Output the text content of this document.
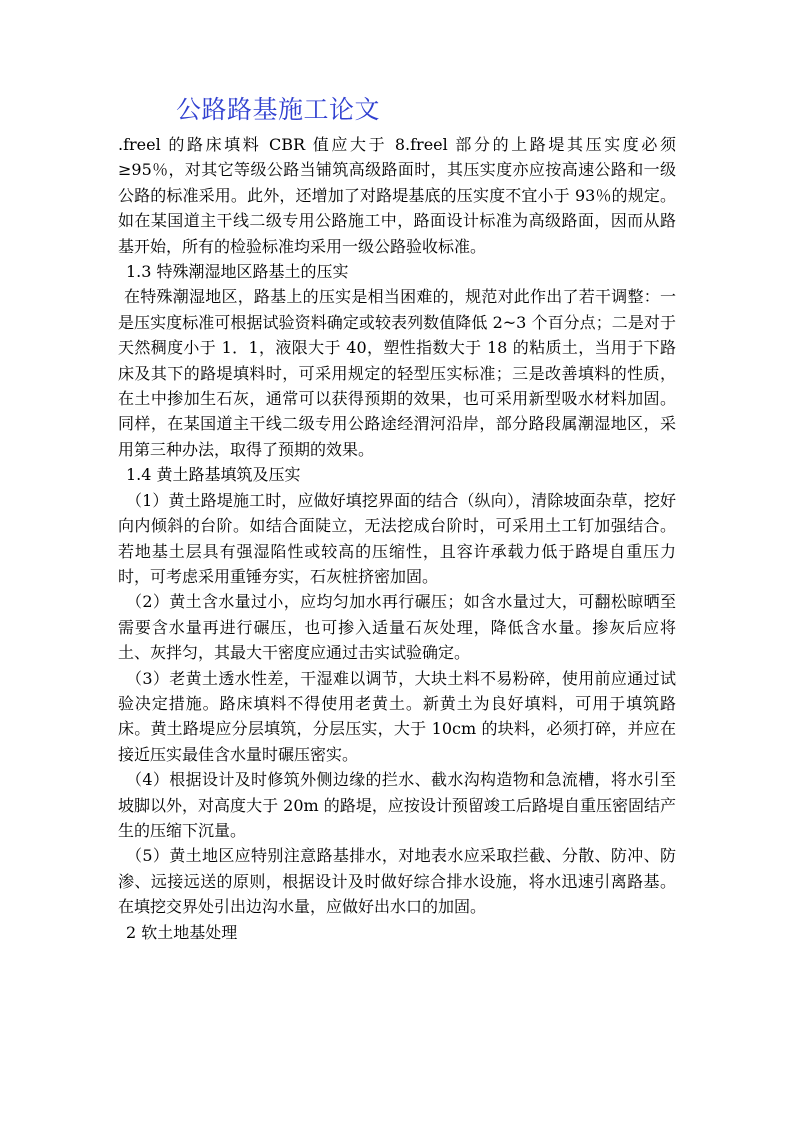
公路路基施工论文

.freel 的路床填料 CBR 值应大于 8.freel 部分的上路堤其压实度必须≥95％，对其它等级公路当铺筑高级路面时，其压实度亦应按高速公路和一级公路的标准采用。此外，还增加了对路堤基底的压实度不宜小于 93％的规定。如在某国道主干线二级专用公路施工中，路面设计标准为高级路面，因而从路基开始，所有的检验标准均采用一级公路验收标准。

1.3 特殊潮湿地区路基土的压实

在特殊潮湿地区，路基上的压实是相当困难的，规范对此作出了若干调整：一是压实度标准可根据试验资料确定或较表列数值降低 2~3 个百分点；二是对于天然稠度小于 1．1，液限大于 40，塑性指数大于 18 的粘质土，当用于下路床及其下的路堤填料时，可采用规定的轻型压实标准；三是改善填料的性质，在土中掺加生石灰，通常可以获得预期的效果，也可采用新型吸水材料加固。同样，在某国道主干线二级专用公路途经渭河沿岸，部分路段属潮湿地区，采用第三种办法，取得了预期的效果。

1.4 黄土路基填筑及压实

（1）黄土路堤施工时，应做好填挖界面的结合（纵向），清除坡面杂草，挖好向内倾斜的台阶。如结合面陡立，无法挖成台阶时，可采用土工钉加强结合。若地基土层具有强湿陷性或较高的压缩性，且容许承载力低于路堤自重压力时，可考虑采用重锤夯实，石灰桩挤密加固。

（2）黄土含水量过小，应均匀加水再行碾压；如含水量过大，可翻松晾晒至需要含水量再进行碾压，也可掺入适量石灰处理，降低含水量。掺灰后应将土、灰拌匀，其最大干密度应通过击实试验确定。

（3）老黄土透水性差，干湿难以调节，大块土料不易粉碎，使用前应通过试验决定措施。路床填料不得使用老黄土。新黄土为良好填料，可用于填筑路床。黄土路堤应分层填筑，分层压实，大于 10cm 的块料，必须打碎，并应在接近压实最佳含水量时碾压密实。

（4）根据设计及时修筑外侧边缘的拦水、截水沟构造物和急流槽，将水引至坡脚以外，对高度大于 20m 的路堤，应按设计预留竣工后路堤自重压密固结产生的压缩下沉量。

（5）黄土地区应特别注意路基排水，对地表水应采取拦截、分散、防冲、防渗、远接远送的原则，根据设计及时做好综合排水设施，将水迅速引离路基。在填挖交界处引出边沟水量，应做好出水口的加固。

2 软土地基处理
